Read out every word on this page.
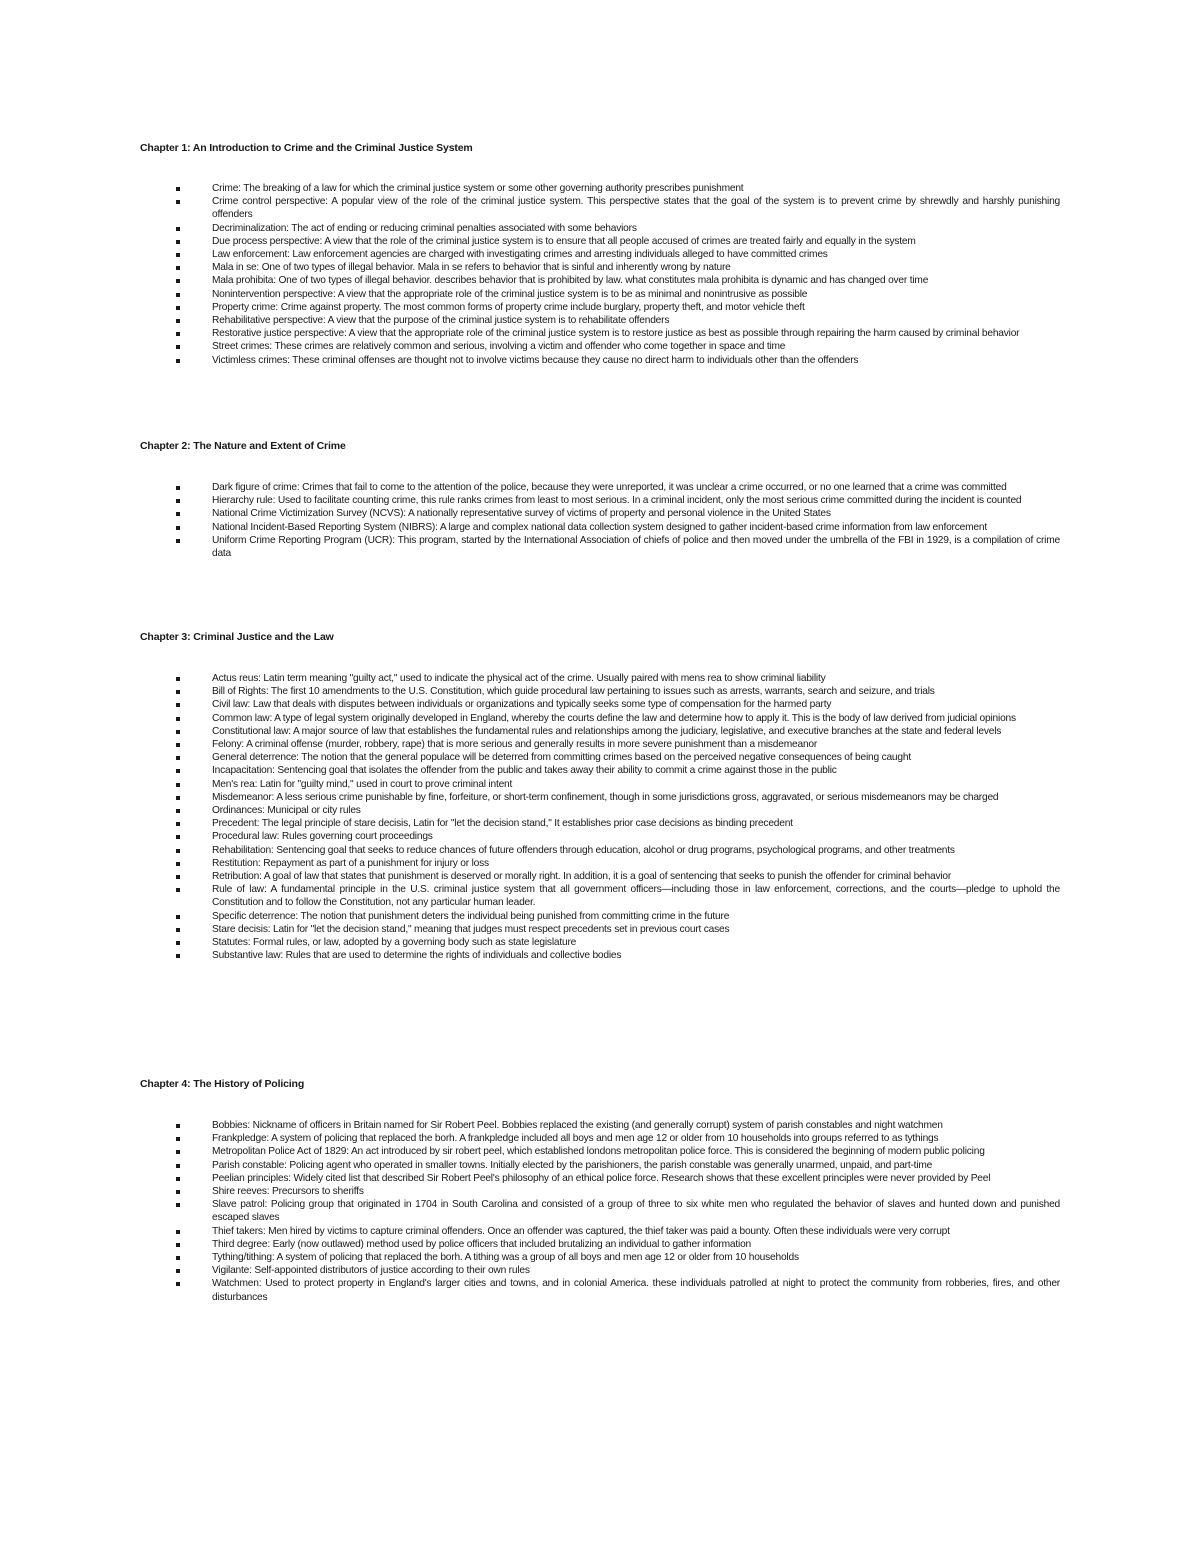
Chapter 1: An Introduction to Crime and the Criminal Justice System
Crime: The breaking of a law for which the criminal justice system or some other governing authority prescribes punishment
Crime control perspective: A popular view of the role of the criminal justice system. This perspective states that the goal of the system is to prevent crime by shrewdly and harshly punishing offenders
Decriminalization: The act of ending or reducing criminal penalties associated with some behaviors
Due process perspective: A view that the role of the criminal justice system is to ensure that all people accused of crimes are treated fairly and equally in the system
Law enforcement: Law enforcement agencies are charged with investigating crimes and arresting individuals alleged to have committed crimes
Mala in se: One of two types of illegal behavior. Mala in se refers to behavior that is sinful and inherently wrong by nature
Mala prohibita: One of two types of illegal behavior. describes behavior that is prohibited by law. what constitutes mala prohibita is dynamic and has changed over time
Nonintervention perspective: A view that the appropriate role of the criminal justice system is to be as minimal and nonintrusive as possible
Property crime: Crime against property. The most common forms of property crime include burglary, property theft, and motor vehicle theft
Rehabilitative perspective: A view that the purpose of the criminal justice system is to rehabilitate offenders
Restorative justice perspective: A view that the appropriate role of the criminal justice system is to restore justice as best as possible through repairing the harm caused by criminal behavior
Street crimes: These crimes are relatively common and serious, involving a victim and offender who come together in space and time
Victimless crimes: These criminal offenses are thought not to involve victims because they cause no direct harm to individuals other than the offenders
Chapter 2: The Nature and Extent of Crime
Dark figure of crime: Crimes that fail to come to the attention of the police, because they were unreported, it was unclear a crime occurred, or no one learned that a crime was committed
Hierarchy rule: Used to facilitate counting crime, this rule ranks crimes from least to most serious. In a criminal incident, only the most serious crime committed during the incident is counted
National Crime Victimization Survey (NCVS): A nationally representative survey of victims of property and personal violence in the United States
National Incident-Based Reporting System (NIBRS): A large and complex national data collection system designed to gather incident-based crime information from law enforcement
Uniform Crime Reporting Program (UCR): This program, started by the International Association of chiefs of police and then moved under the umbrella of the FBI in 1929, is a compilation of crime data
Chapter 3: Criminal Justice and the Law
Actus reus: Latin term meaning "guilty act," used to indicate the physical act of the crime. Usually paired with mens rea to show criminal liability
Bill of Rights: The first 10 amendments to the U.S. Constitution, which guide procedural law pertaining to issues such as arrests, warrants, search and seizure, and trials
Civil law: Law that deals with disputes between individuals or organizations and typically seeks some type of compensation for the harmed party
Common law: A type of legal system originally developed in England, whereby the courts define the law and determine how to apply it. This is the body of law derived from judicial opinions
Constitutional law: A major source of law that establishes the fundamental rules and relationships among the judiciary, legislative, and executive branches at the state and federal levels
Felony: A criminal offense (murder, robbery, rape) that is more serious and generally results in more severe punishment than a misdemeanor
General deterrence: The notion that the general populace will be deterred from committing crimes based on the perceived negative consequences of being caught
Incapacitation: Sentencing goal that isolates the offender from the public and takes away their ability to commit a crime against those in the public
Men's rea: Latin for "guilty mind," used in court to prove criminal intent
Misdemeanor: A less serious crime punishable by fine, forfeiture, or short-term confinement, though in some jurisdictions gross, aggravated, or serious misdemeanors may be charged
Ordinances: Municipal or city rules
Precedent: The legal principle of stare decisis, Latin for "let the decision stand," It establishes prior case decisions as binding precedent
Procedural law: Rules governing court proceedings
Rehabilitation: Sentencing goal that seeks to reduce chances of future offenders through education, alcohol or drug programs, psychological programs, and other treatments
Restitution: Repayment as part of a punishment for injury or loss
Retribution: A goal of law that states that punishment is deserved or morally right. In addition, it is a goal of sentencing that seeks to punish the offender for criminal behavior
Rule of law: A fundamental principle in the U.S. criminal justice system that all government officers—including those in law enforcement, corrections, and the courts—pledge to uphold the Constitution and to follow the Constitution, not any particular human leader.
Specific deterrence: The notion that punishment deters the individual being punished from committing crime in the future
Stare decisis: Latin for "let the decision stand," meaning that judges must respect precedents set in previous court cases
Statutes: Formal rules, or law, adopted by a governing body such as state legislature
Substantive law: Rules that are used to determine the rights of individuals and collective bodies
Chapter 4: The History of Policing
Bobbies: Nickname of officers in Britain named for Sir Robert Peel. Bobbies replaced the existing (and generally corrupt) system of parish constables and night watchmen
Frankpledge: A system of policing that replaced the borh. A frankpledge included all boys and men age 12 or older from 10 households into groups referred to as tythings
Metropolitan Police Act of 1829: An act introduced by sir robert peel, which established londons metropolitan police force. This is considered the beginning of modern public policing
Parish constable: Policing agent who operated in smaller towns. Initially elected by the parishioners, the parish constable was generally unarmed, unpaid, and part-time
Peelian principles: Widely cited list that described Sir Robert Peel's philosophy of an ethical police force. Research shows that these excellent principles were never provided by Peel
Shire reeves: Precursors to sheriffs
Slave patrol: Policing group that originated in 1704 in South Carolina and consisted of a group of three to six white men who regulated the behavior of slaves and hunted down and punished escaped slaves
Thief takers: Men hired by victims to capture criminal offenders. Once an offender was captured, the thief taker was paid a bounty. Often these individuals were very corrupt
Third degree: Early (now outlawed) method used by police officers that included brutalizing an individual to gather information
Tything/tithing: A system of policing that replaced the borh. A tithing was a group of all boys and men age 12 or older from 10 households
Vigilante: Self-appointed distributors of justice according to their own rules
Watchmen: Used to protect property in England's larger cities and towns, and in colonial America. these individuals patrolled at night to protect the community from robberies, fires, and other disturbances
